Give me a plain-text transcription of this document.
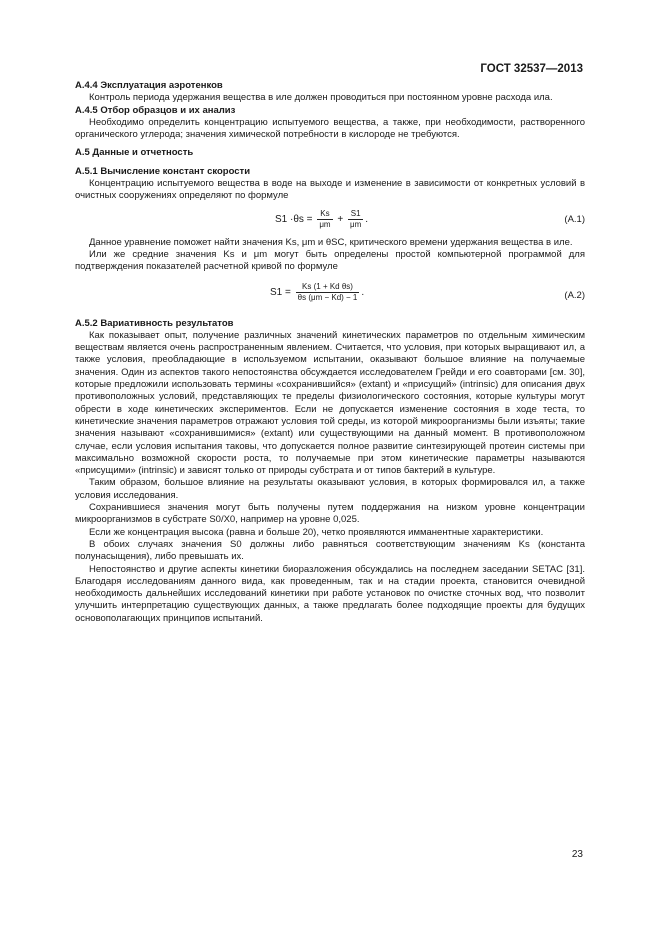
ГОСТ 32537—2013

А.4.4 Эксплуатация аэротенков

Контроль периода удержания вещества в иле должен проводиться при постоянном уровне расхода ила.

А.4.5 Отбор образцов и их анализ

Необходимо определить концентрацию испытуемого вещества, а также, при необходимости, растворенного органического углерода; значения химической потребности в кислороде не требуются.

А.5 Данные и отчетность

А.5.1 Вычисление констант скорости

Концентрацию испытуемого вещества в воде на выходе и изменение в зависимости от конкретных условий в очистных сооружениях определяют по формуле

$S1 \cdot\theta s = \frac{Ks}{\mu m} + \frac{S1}{\mu m}$ .	(А.1)

Данное уравнение поможет найти значения Ks, μm и θSC, критического времени удержания вещества в иле.

Или же средние значения Ks и μm могут быть определены простой компьютерной программой для подтверждения показателей расчетной кривой по формуле

$S1 = \frac{\text{Ks (1 + Kd θs)}}{\theta s (\mu m - Kd) - 1}$ .	(А.2)

А.5.2 Вариативность результатов

Как показывает опыт, получение различных значений кинетических параметров по отдельным химическим веществам является очень распространенным явлением. Считается, что условия, при которых выращивают ил, а также условия, преобладающие в используемом испытании, оказывают большое влияние на получаемые значения. Один из аспектов такого непостоянства обсуждается исследователем Грейди и его соавторами [см. 30], которые предложили использовать термины «сохранившийся» (extant) и «присущий» (intrinsic) для описания двух противоположных условий, представляющих те пределы физиологического состояния, которые культуры могут обрести в ходе кинетических экспериментов. Если не допускается изменение состояния в ходе теста, то кинетические значения параметров отражают условия той среды, из которой микроорганизмы были изъяты; такие значения называют «сохранившимися» (extant) или существующими на данный момент. В противоположном случае, если условия испытания таковы, что допускается полное развитие синтезирующей протеин системы при максимально возможной скорости роста, то получаемые при этом кинетические параметры называются «присущими» (intrinsic) и зависят только от природы субстрата и от типов бактерий в культуре.

Таким образом, большое влияние на результаты оказывают условия, в которых формировался ил, а также условия исследования.

Сохранившиеся значения могут быть получены путем поддержания на низком уровне концентрации микроорганизмов в субстрате S0/X0, например на уровне 0,025.

Если же концентрация высока (равна и больше 20), четко проявляются имманентные характеристики.

В обоих случаях значения S0 должны либо равняться соответствующим значениям Ks (константа полунасыщения), либо превышать их.

Непостоянство и другие аспекты кинетики биоразложения обсуждались на последнем заседании SETAC [31]. Благодаря исследованиям данного вида, как проведенным, так и на стадии проекта, становится очевидной необходимость дальнейших исследований кинетики при работе установок по очистке сточных вод, что позволит улучшить интерпретацию существующих данных, а также предлагать более подходящие проекты для будущих основополагающих принципов испытаний.

23
